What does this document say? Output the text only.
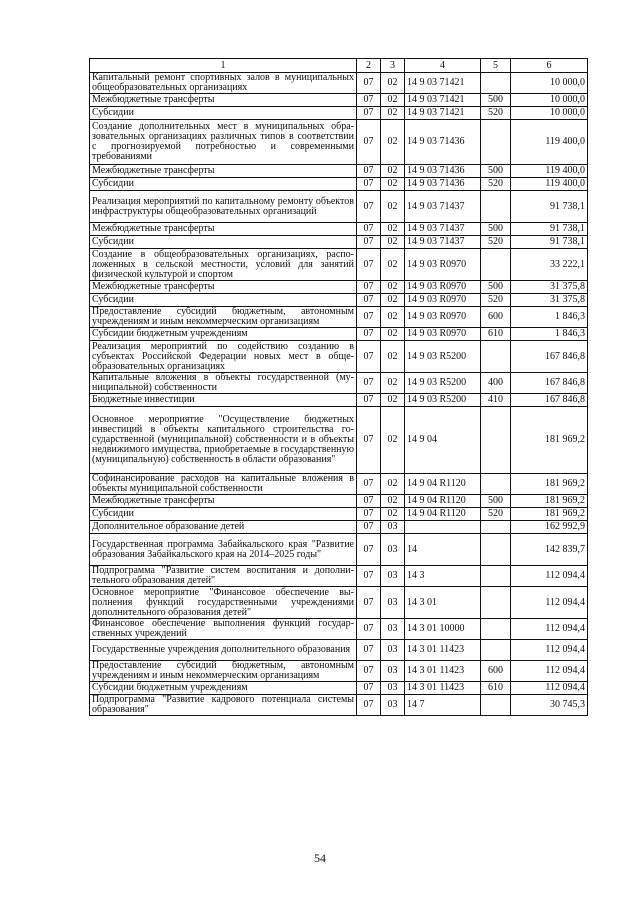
1	2	3	4	5	6
Капитальный ремонт спортивных залов в муниципальных общеобразовательных организациях	07	02	14 9 03 71421		10 000,0
Межбюджетные трансферты	07	02	14 9 03 71421	500	10 000,0
Субсидии	07	02	14 9 03 71421	520	10 000,0
Создание дополнительных мест в муниципальных образовательных организациях различных типов в соответствии с прогнозируемой потребностью и современными требованиями	07	02	14 9 03 71436		119 400,0
Межбюджетные трансферты	07	02	14 9 03 71436	500	119 400,0
Субсидии	07	02	14 9 03 71436	520	119 400,0
Реализация мероприятий по капитальному ремонту объектов инфраструктуры общеобразовательных организаций	07	02	14 9 03 71437		91 738,1
Межбюджетные трансферты	07	02	14 9 03 71437	500	91 738,1
Субсидии	07	02	14 9 03 71437	520	91 738,1
Создание в общеобразовательных организациях, расположенных в сельской местности, условий для занятий физической культурой и спортом	07	02	14 9 03 R0970		33 222,1
Межбюджетные трансферты	07	02	14 9 03 R0970	500	31 375,8
Субсидии	07	02	14 9 03 R0970	520	31 375,8
Предоставление субсидий бюджетным, автономным учреждениям и иным некоммерческим организациям	07	02	14 9 03 R0970	600	1 846,3
Субсидии бюджетным учреждениям	07	02	14 9 03 R0970	610	1 846,3
Реализация мероприятий по содействию созданию в субъектах Российской Федерации новых мест в общеобразовательных организациях	07	02	14 9 03 R5200		167 846,8
Капитальные вложения в объекты государственной (муниципальной) собственности	07	02	14 9 03 R5200	400	167 846,8
Бюджетные инвестиции	07	02	14 9 03 R5200	410	167 846,8
Основное мероприятие "Осуществление бюджетных инвестиций в объекты капитального строительства государственной (муниципальной) собственности и в объекты недвижимого имущества, приобретаемые в государственную (муниципальную) собственность в области образования"	07	02	14 9 04		181 969,2
Софинансирование расходов на капитальные вложения в объекты муниципальной собственности	07	02	14 9 04 R1120		181 969,2
Межбюджетные трансферты	07	02	14 9 04 R1120	500	181 969,2
Субсидии	07	02	14 9 04 R1120	520	181 969,2
Дополнительное образование детей	07	03			162 992,9
Государственная программа Забайкальского края "Развитие образования Забайкальского края на 2014–2025 годы"	07	03	14		142 839,7
Подпрограмма "Развитие систем воспитания и дополнительного образования детей"	07	03	14 3		112 094,4
Основное мероприятие "Финансовое обеспечение выполнения функций государственными учреждениями дополнительного образования детей"	07	03	14 3 01		112 094,4
Финансовое обеспечение выполнения функций государственных учреждений	07	03	14 3 01 10000		112 094,4
Государственные учреждения дополнительного образования	07	03	14 3 01 11423		112 094,4
Предоставление субсидий бюджетным, автономным учреждениям и иным некоммерческим организациям	07	03	14 3 01 11423	600	112 094,4
Субсидии бюджетным учреждениям	07	03	14 3 01 11423	610	112 094,4
Подпрограмма "Развитие кадрового потенциала системы образования"	07	03	14 7		30 745,3
54
